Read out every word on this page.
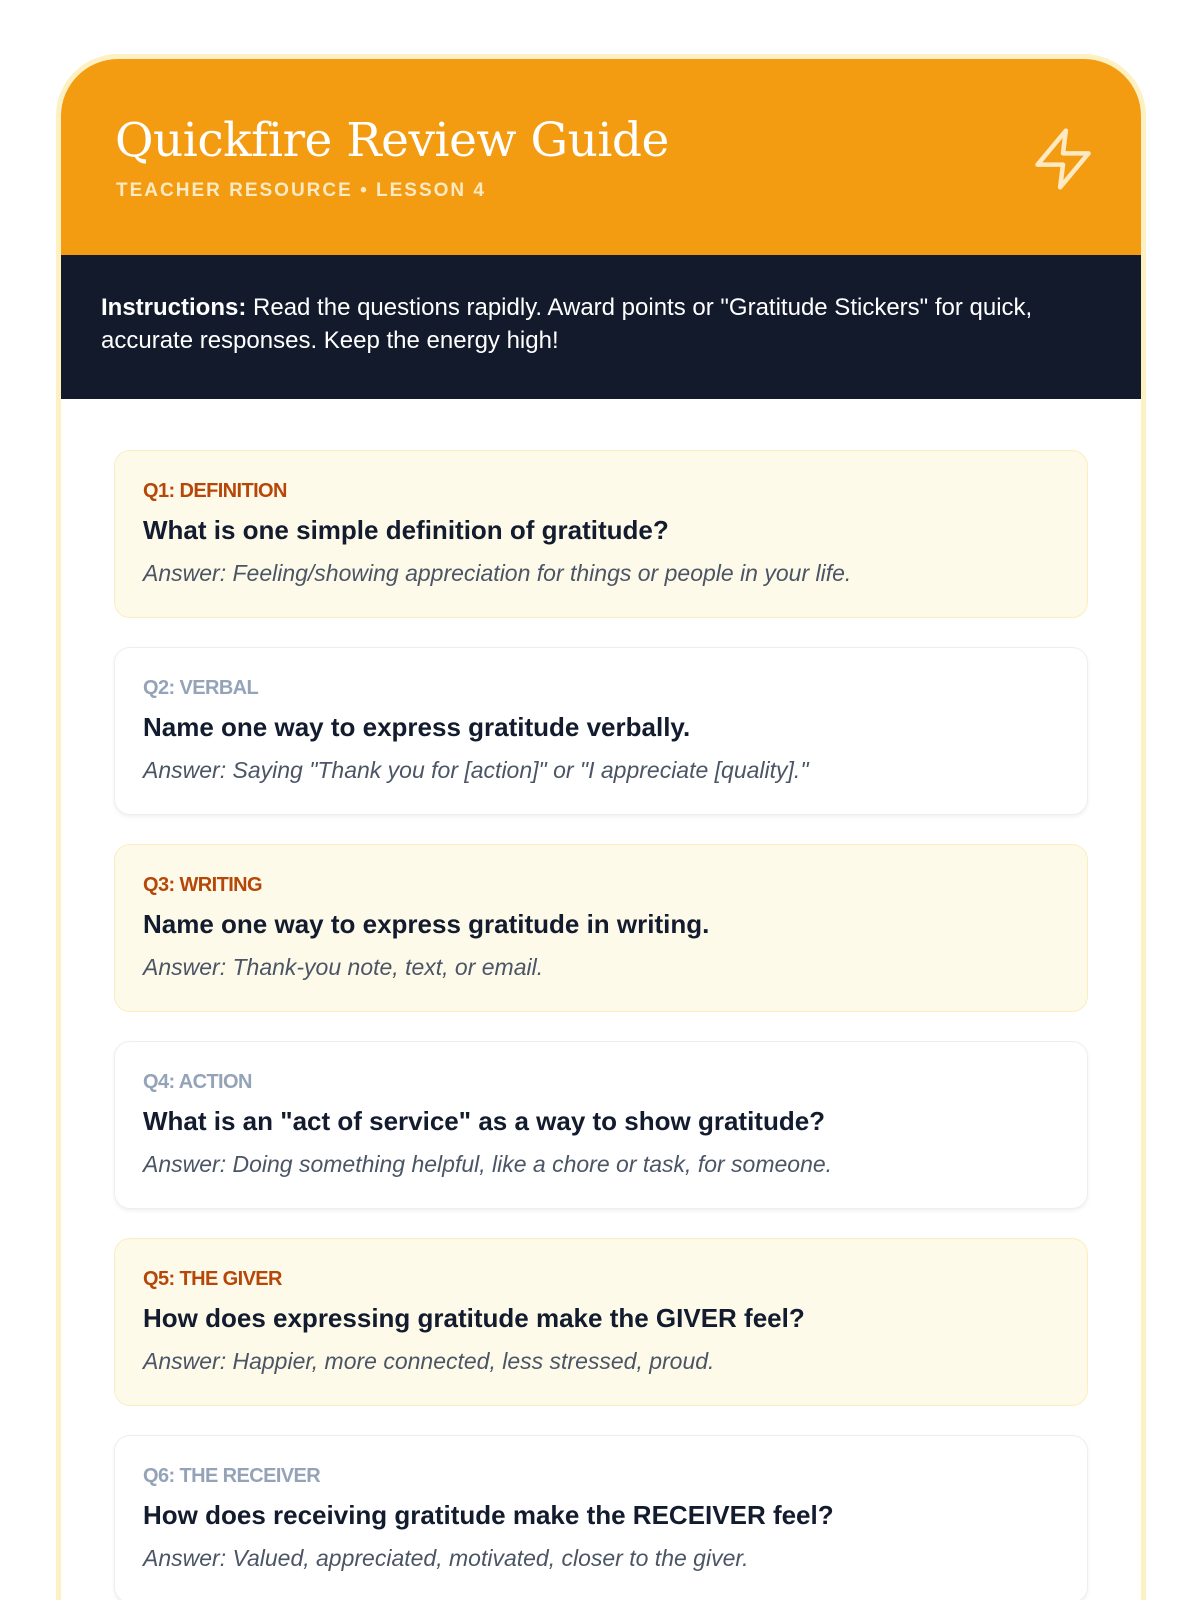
Quickfire Review Guide
TEACHER RESOURCE • LESSON 4
Instructions: Read the questions rapidly. Award points or "Gratitude Stickers" for quick, accurate responses. Keep the energy high!
Q1: DEFINITION
What is one simple definition of gratitude?
Answer: Feeling/showing appreciation for things or people in your life.
Q2: VERBAL
Name one way to express gratitude verbally.
Answer: Saying "Thank you for [action]" or "I appreciate [quality]."
Q3: WRITING
Name one way to express gratitude in writing.
Answer: Thank-you note, text, or email.
Q4: ACTION
What is an "act of service" as a way to show gratitude?
Answer: Doing something helpful, like a chore or task, for someone.
Q5: THE GIVER
How does expressing gratitude make the GIVER feel?
Answer: Happier, more connected, less stressed, proud.
Q6: THE RECEIVER
How does receiving gratitude make the RECEIVER feel?
Answer: Valued, appreciated, motivated, closer to the giver.
